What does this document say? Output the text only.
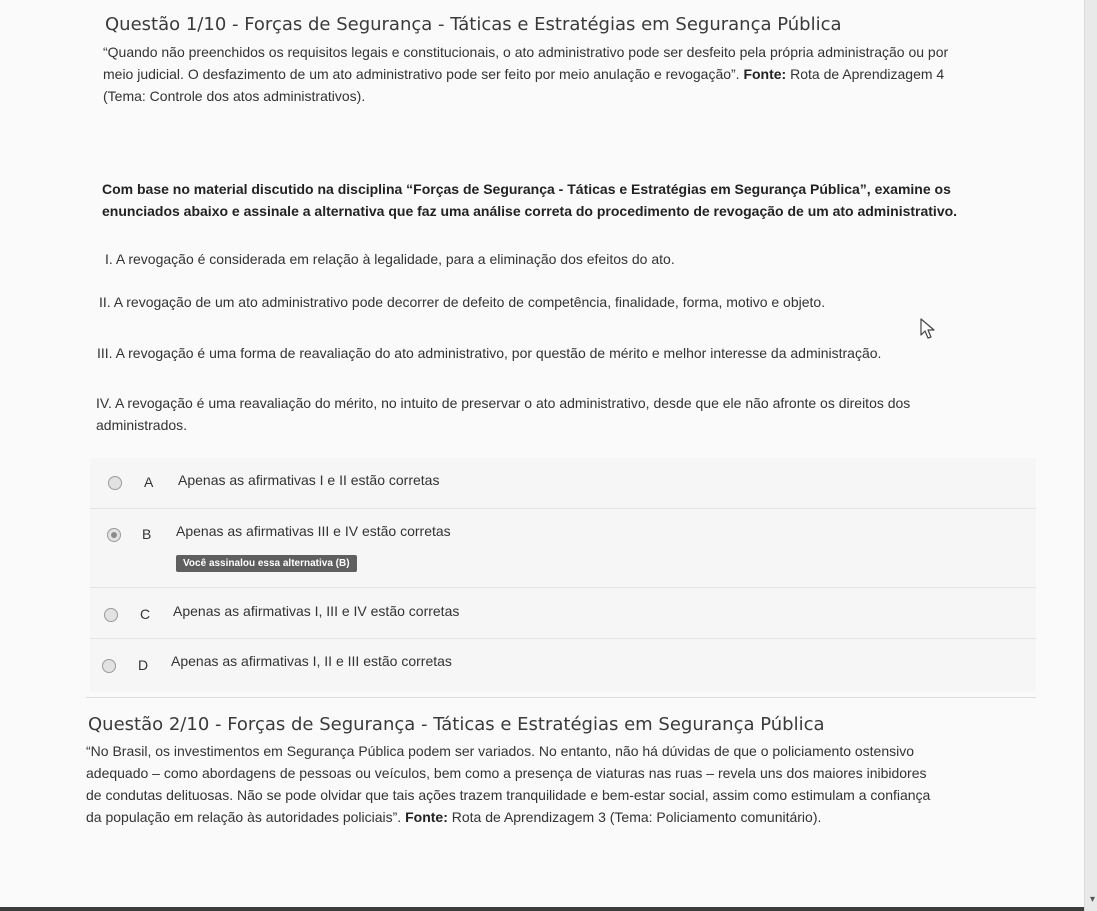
Questão 1/10 - Forças de Segurança - Táticas e Estratégias em Segurança Pública
“Quando não preenchidos os requisitos legais e constitucionais, o ato administrativo pode ser desfeito pela própria administração ou por
meio judicial. O desfazimento de um ato administrativo pode ser feito por meio anulação e revogação”. Fonte: Rota de Aprendizagem 4
(Tema: Controle dos atos administrativos).
Com base no material discutido na disciplina “Forças de Segurança - Táticas e Estratégias em Segurança Pública”, examine os
enunciados abaixo e assinale a alternativa que faz uma análise correta do procedimento de revogação de um ato administrativo.
I. A revogação é considerada em relação à legalidade, para a eliminação dos efeitos do ato.
II. A revogação de um ato administrativo pode decorrer de defeito de competência, finalidade, forma, motivo e objeto.
III. A revogação é uma forma de reavaliação do ato administrativo, por questão de mérito e melhor interesse da administração.
IV. A revogação é uma reavaliação do mérito, no intuito de preservar o ato administrativo, desde que ele não afronte os direitos dos
administrados.
A Apenas as afirmativas I e II estão corretas
B Apenas as afirmativas III e IV estão corretas
Você assinalou essa alternativa (B)
C Apenas as afirmativas I, III e IV estão corretas
D Apenas as afirmativas I, II e III estão corretas
Questão 2/10 - Forças de Segurança - Táticas e Estratégias em Segurança Pública
“No Brasil, os investimentos em Segurança Pública podem ser variados. No entanto, não há dúvidas de que o policiamento ostensivo
adequado – como abordagens de pessoas ou veículos, bem como a presença de viaturas nas ruas – revela uns dos maiores inibidores
de condutas delituosas. Não se pode olvidar que tais ações trazem tranquilidade e bem-estar social, assim como estimulam a confiança
da população em relação às autoridades policiais”. Fonte: Rota de Aprendizagem 3 (Tema: Policiamento comunitário).
▾
